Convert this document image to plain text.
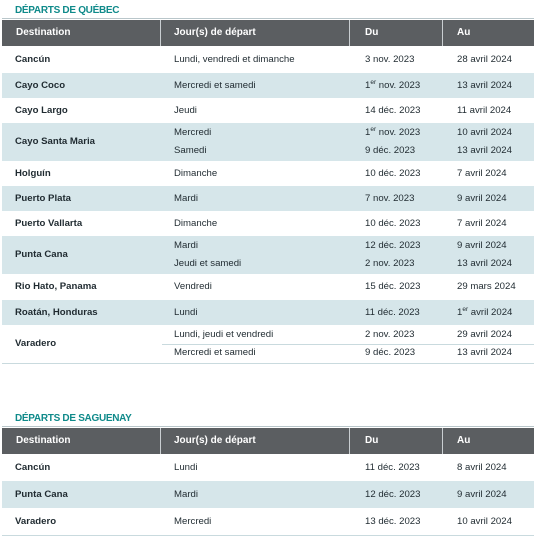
DÉPARTS DE QUÉBEC
Destination	Jour(s) de départ	Du	Au
Cancún	Lundi, vendredi et dimanche	3 nov. 2023	28 avril 2024
Cayo Coco	Mercredi et samedi	1er nov. 2023	13 avril 2024
Cayo Largo	Jeudi	14 déc. 2023	11 avril 2024
Cayo Santa Maria
Mercredi	1er nov. 2023	10 avril 2024
Samedi	9 déc. 2023	13 avril 2024
Holguín	Dimanche	10 déc. 2023	7 avril 2024
Puerto Plata	Mardi	7 nov. 2023	9 avril 2024
Puerto Vallarta	Dimanche	10 déc. 2023	7 avril 2024
Punta Cana
Mardi	12 déc. 2023	9 avril 2024
Jeudi et samedi	2 nov. 2023	13 avril 2024
Rio Hato, Panama	Vendredi	15 déc. 2023	29 mars 2024
Roatán, Honduras	Lundi	11 déc. 2023	1er avril 2024
Varadero
Lundi, jeudi et vendredi	2 nov. 2023	29 avril 2024
Mercredi et samedi	9 déc. 2023	13 avril 2024
DÉPARTS DE SAGUENAY
Destination	Jour(s) de départ	Du	Au
Cancún	Lundi	11 déc. 2023	8 avril 2024
Punta Cana	Mardi	12 déc. 2023	9 avril 2024
Varadero	Mercredi	13 déc. 2023	10 avril 2024
